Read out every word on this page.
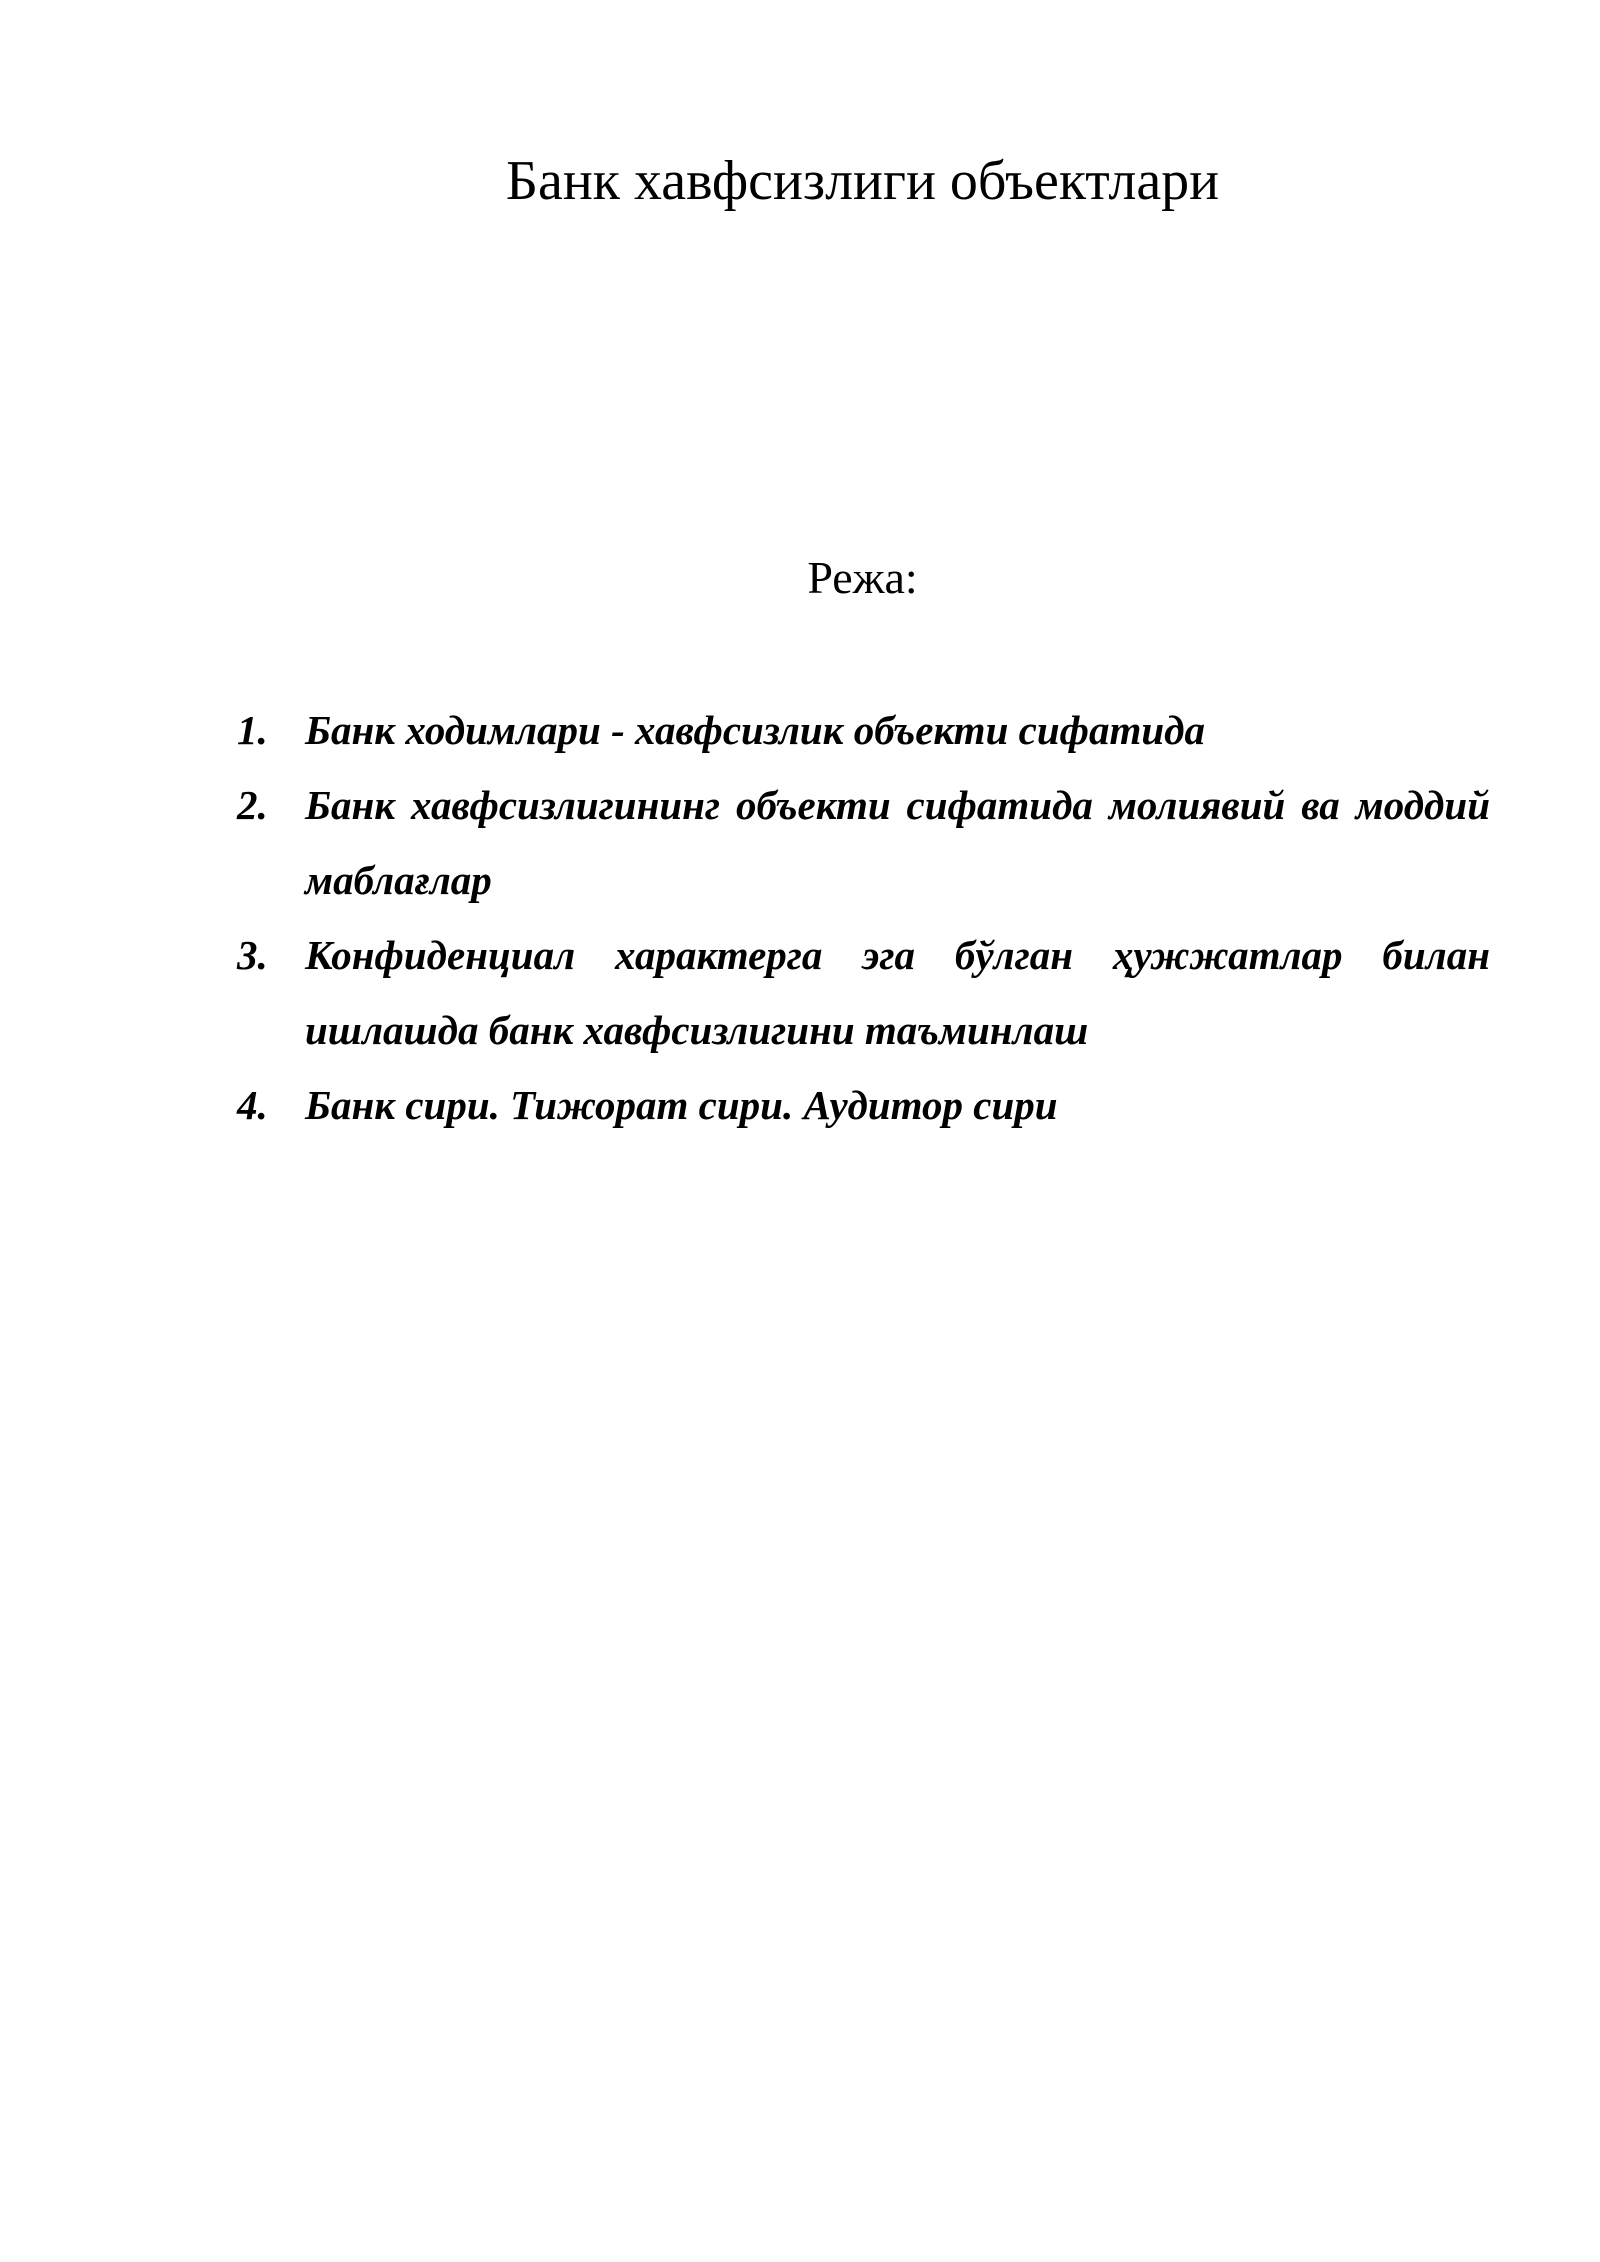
Банк хавфсизлиги объектлари
Режа:
1. Банк ходимлари - хавфсизлик объекти сифатида
2. Банк хавфсизлигининг объекти сифатида молиявий ва моддий маблағлар
3. Конфиденциал характерга эга бўлган ҳужжатлар билан ишлашда банк хавфсизлигини таъминлаш
4. Банк сири. Тижорат сири. Аудитор сири
